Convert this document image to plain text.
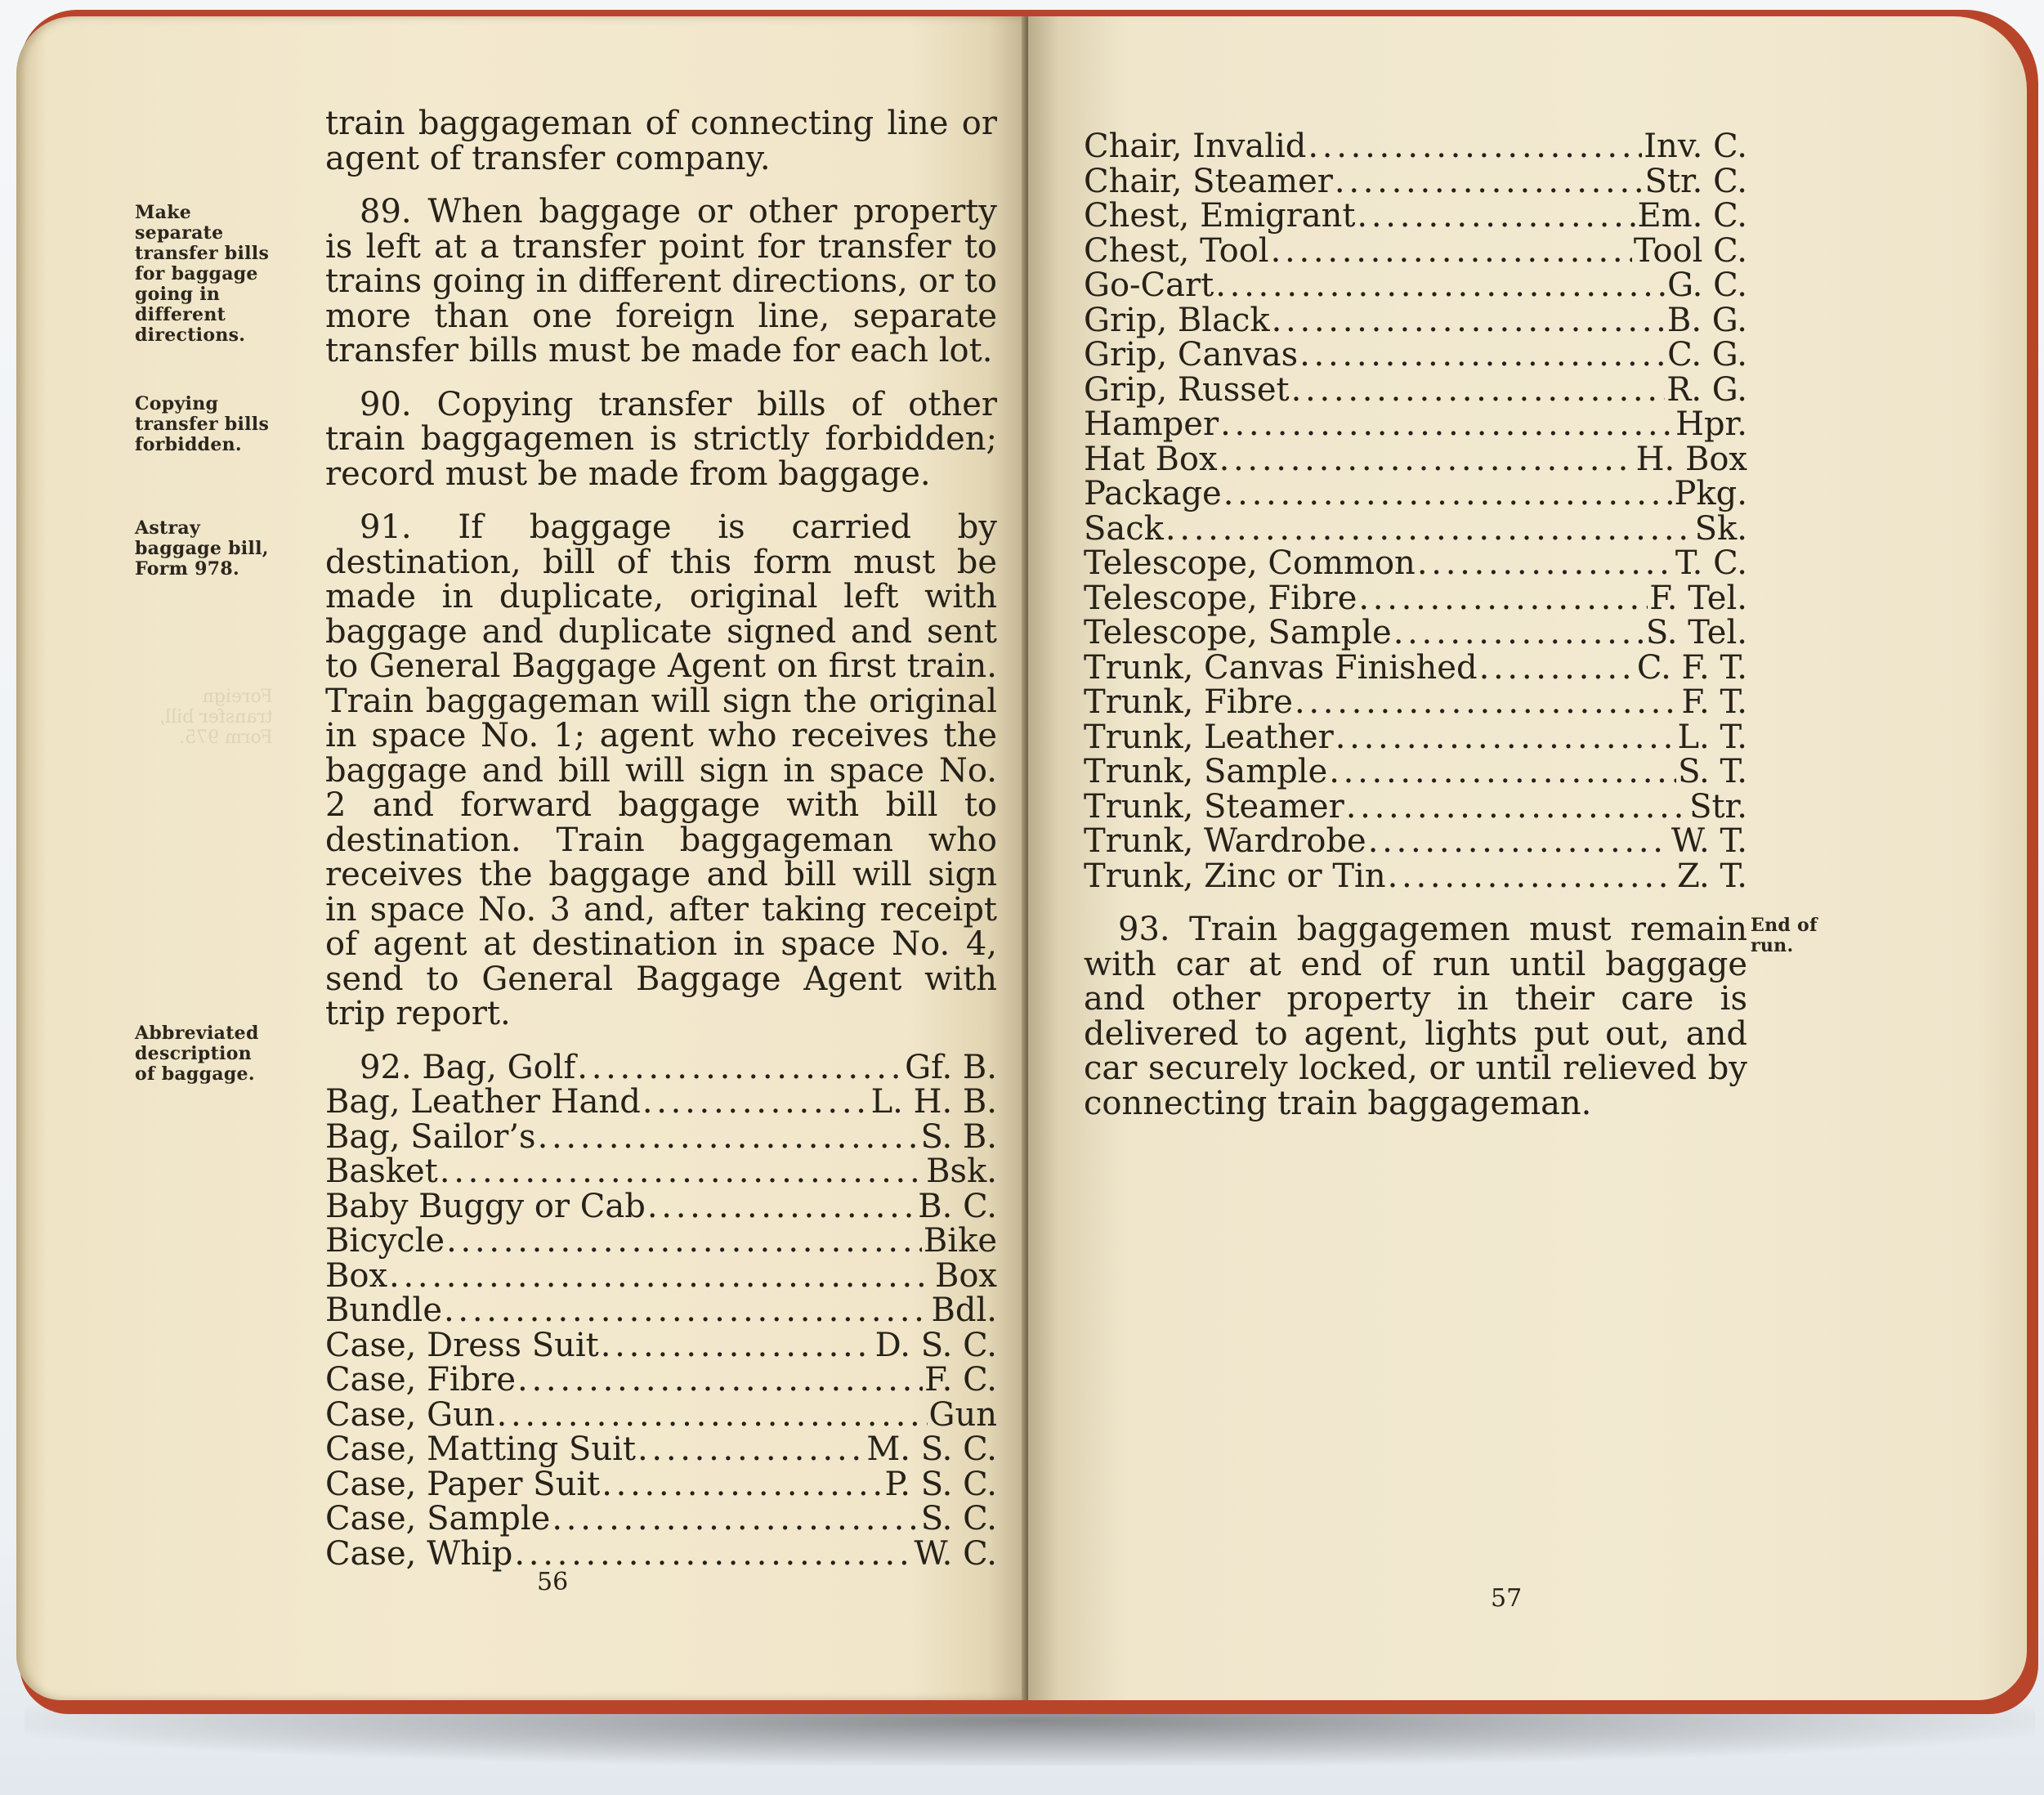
Foreign
transfer bill,
Form 975.
Make
separate
transfer bills
for baggage
going in
different
directions.
Copying
transfer bills
forbidden.
Astray
baggage bill,
Form 978.
Abbreviated
description
of baggage.

train baggageman of connecting line or agent of transfer company.

89. When baggage or other property is left at a transfer point for transfer to trains going in different directions, or to more than one foreign line, separate transfer bills must be made for each lot.

90. Copying transfer bills of other train baggagemen is strictly forbidden; record must be made from baggage.

91. If baggage is carried by destination, bill of this form must be made in duplicate, original left with baggage and duplicate signed and sent to General Baggage Agent on first train. Train baggageman will sign the original in space No. 1; agent who receives the baggage and bill will sign in space No. 2 and forward baggage with bill to destination. Train baggageman who receives the baggage and bill will sign in space No. 3 and, after taking receipt of agent at destination in space No. 4, send to General Baggage Agent with trip report.

92. Bag, Golf . . .	Gf. B.
Bag, Leather Hand . . .	L. H. B.
Bag, Sailor’s . . .	S. B.
Basket . . .	Bsk.
Baby Buggy or Cab . . .	B. C.
Bicycle . . .	Bike
Box . . .	Box
Bundle . . .	Bdl.
Case, Dress Suit . . .	D. S. C.
Case, Fibre . . .	F. C.
Case, Gun . . .	Gun
Case, Matting Suit . . .	M. S. C.
Case, Paper Suit . . .	P. S. C.
Case, Sample . . .	S. C.
Case, Whip . . .	W. C.
56
Chair, Invalid . . .	Inv. C.
Chair, Steamer . . .	Str. C.
Chest, Emigrant . . .	Em. C.
Chest, Tool . . .	Tool C.
Go-Cart . . .	G. C.
Grip, Black . . .	B. G.
Grip, Canvas . . .	C. G.
Grip, Russet . . .	R. G.
Hamper . . .	Hpr.
Hat Box . . .	H. Box
Package . . .	Pkg.
Sack . . .	Sk.
Telescope, Common . . .	T. C.
Telescope, Fibre . . .	F. Tel.
Telescope, Sample . . .	S. Tel.
Trunk, Canvas Finished . . .	C. F. T.
Trunk, Fibre . . .	F. T.
Trunk, Leather . . .	L. T.
Trunk, Sample . . .	S. T.
Trunk, Steamer . . .	Str.
Trunk, Wardrobe . . .	W. T.
Trunk, Zinc or Tin . . .	Z. T.

93. Train baggagemen must remain with car at end of run until baggage and other property in their care is delivered to agent, lights put out, and car securely locked, or until relieved by connecting train baggageman.

End of
run.
57
